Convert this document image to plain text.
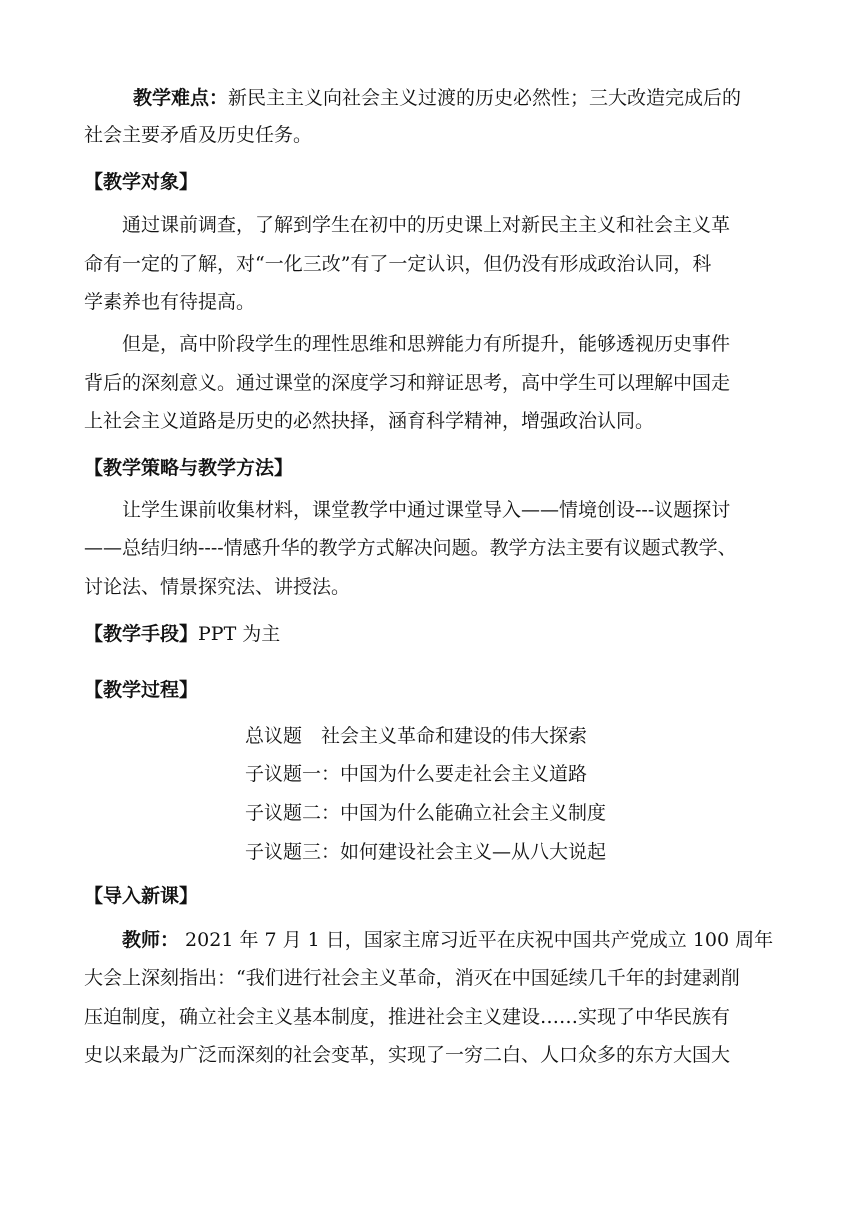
教学难点：新民主主义向社会主义过渡的历史必然性；三大改造完成后的
社会主要矛盾及历史任务。
【教学对象】
通过课前调查，了解到学生在初中的历史课上对新民主主义和社会主义革
命有一定的了解，对“一化三改”有了一定认识，但仍没有形成政治认同，科
学素养也有待提高。
但是，高中阶段学生的理性思维和思辨能力有所提升，能够透视历史事件
背后的深刻意义。通过课堂的深度学习和辩证思考，高中学生可以理解中国走
上社会主义道路是历史的必然抉择，涵育科学精神，增强政治认同。
【教学策略与教学方法】
让学生课前收集材料，课堂教学中通过课堂导入——情境创设---议题探讨
——总结归纳----情感升华的教学方式解决问题。教学方法主要有议题式教学、
讨论法、情景探究法、讲授法。
【教学手段】PPT 为主
【教学过程】
总议题　社会主义革命和建设的伟大探索
子议题一：中国为什么要走社会主义道路
子议题二：中国为什么能确立社会主义制度
子议题三：如何建设社会主义—从八大说起
【导入新课】
教师： 2021 年 7 月 1 日，国家主席习近平在庆祝中国共产党成立 100 周年
大会上深刻指出：“我们进行社会主义革命，消灭在中国延续几千年的封建剥削
压迫制度，确立社会主义基本制度，推进社会主义建设……实现了中华民族有
史以来最为广泛而深刻的社会变革，实现了一穷二白、人口众多的东方大国大
